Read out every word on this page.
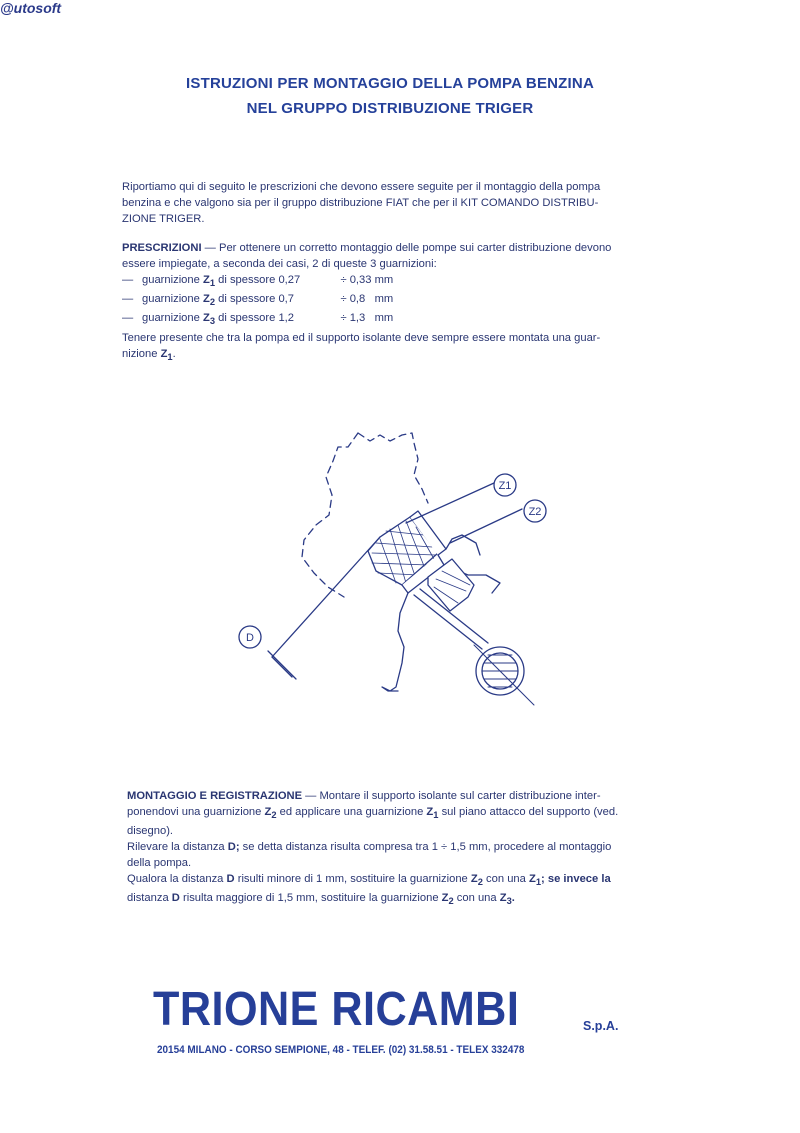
@utosoft
ISTRUZIONI PER MONTAGGIO DELLA POMPA BENZINA
NEL GRUPPO DISTRIBUZIONE TRIGER
Riportiamo qui di seguito le prescrizioni che devono essere seguite per il montaggio della pompa
benzina e che valgono sia per il gruppo distribuzione FIAT che per il KIT COMANDO DISTRIBU-
ZIONE TRIGER.
PRESCRIZIONI — Per ottenere un corretto montaggio delle pompe sui carter distribuzione devono
essere impiegate, a seconda dei casi, 2 di queste 3 guarnizioni:
— guarnizione $Z_1$ di spessore 0,27	÷ 0,33 mm
— guarnizione $Z_2$ di spessore 0,7	÷ 0,8 mm
— guarnizione $Z_3$ di spessore 1,2	÷ 1,3 mm
Tenere presente che tra la pompa ed il supporto isolante deve sempre essere montata una guar-
nizione $Z_1$.
Z1
Z2
D
MONTAGGIO E REGISTRAZIONE — Montare il supporto isolante sul carter distribuzione inter-
ponendovi una guarnizione $Z_2$ ed applicare una guarnizione $Z_1$ sul piano attacco del supporto (ved.
disegno).
Rilevare la distanza D; se detta distanza risulta compresa tra 1 ÷ 1,5 mm, procedere al montaggio
della pompa.
Qualora la distanza D risulti minore di 1 mm, sostituire la guarnizione $Z_2$ con una $Z_1$; se invece la
distanza D risulta maggiore di 1,5 mm, sostituire la guarnizione $Z_2$ con una $Z_3$.
TRIONE RICAMBI	S.p.A.
20154 MILANO - CORSO SEMPIONE, 48 - TELEF. (02) 31.58.51 - TELEX 332478
